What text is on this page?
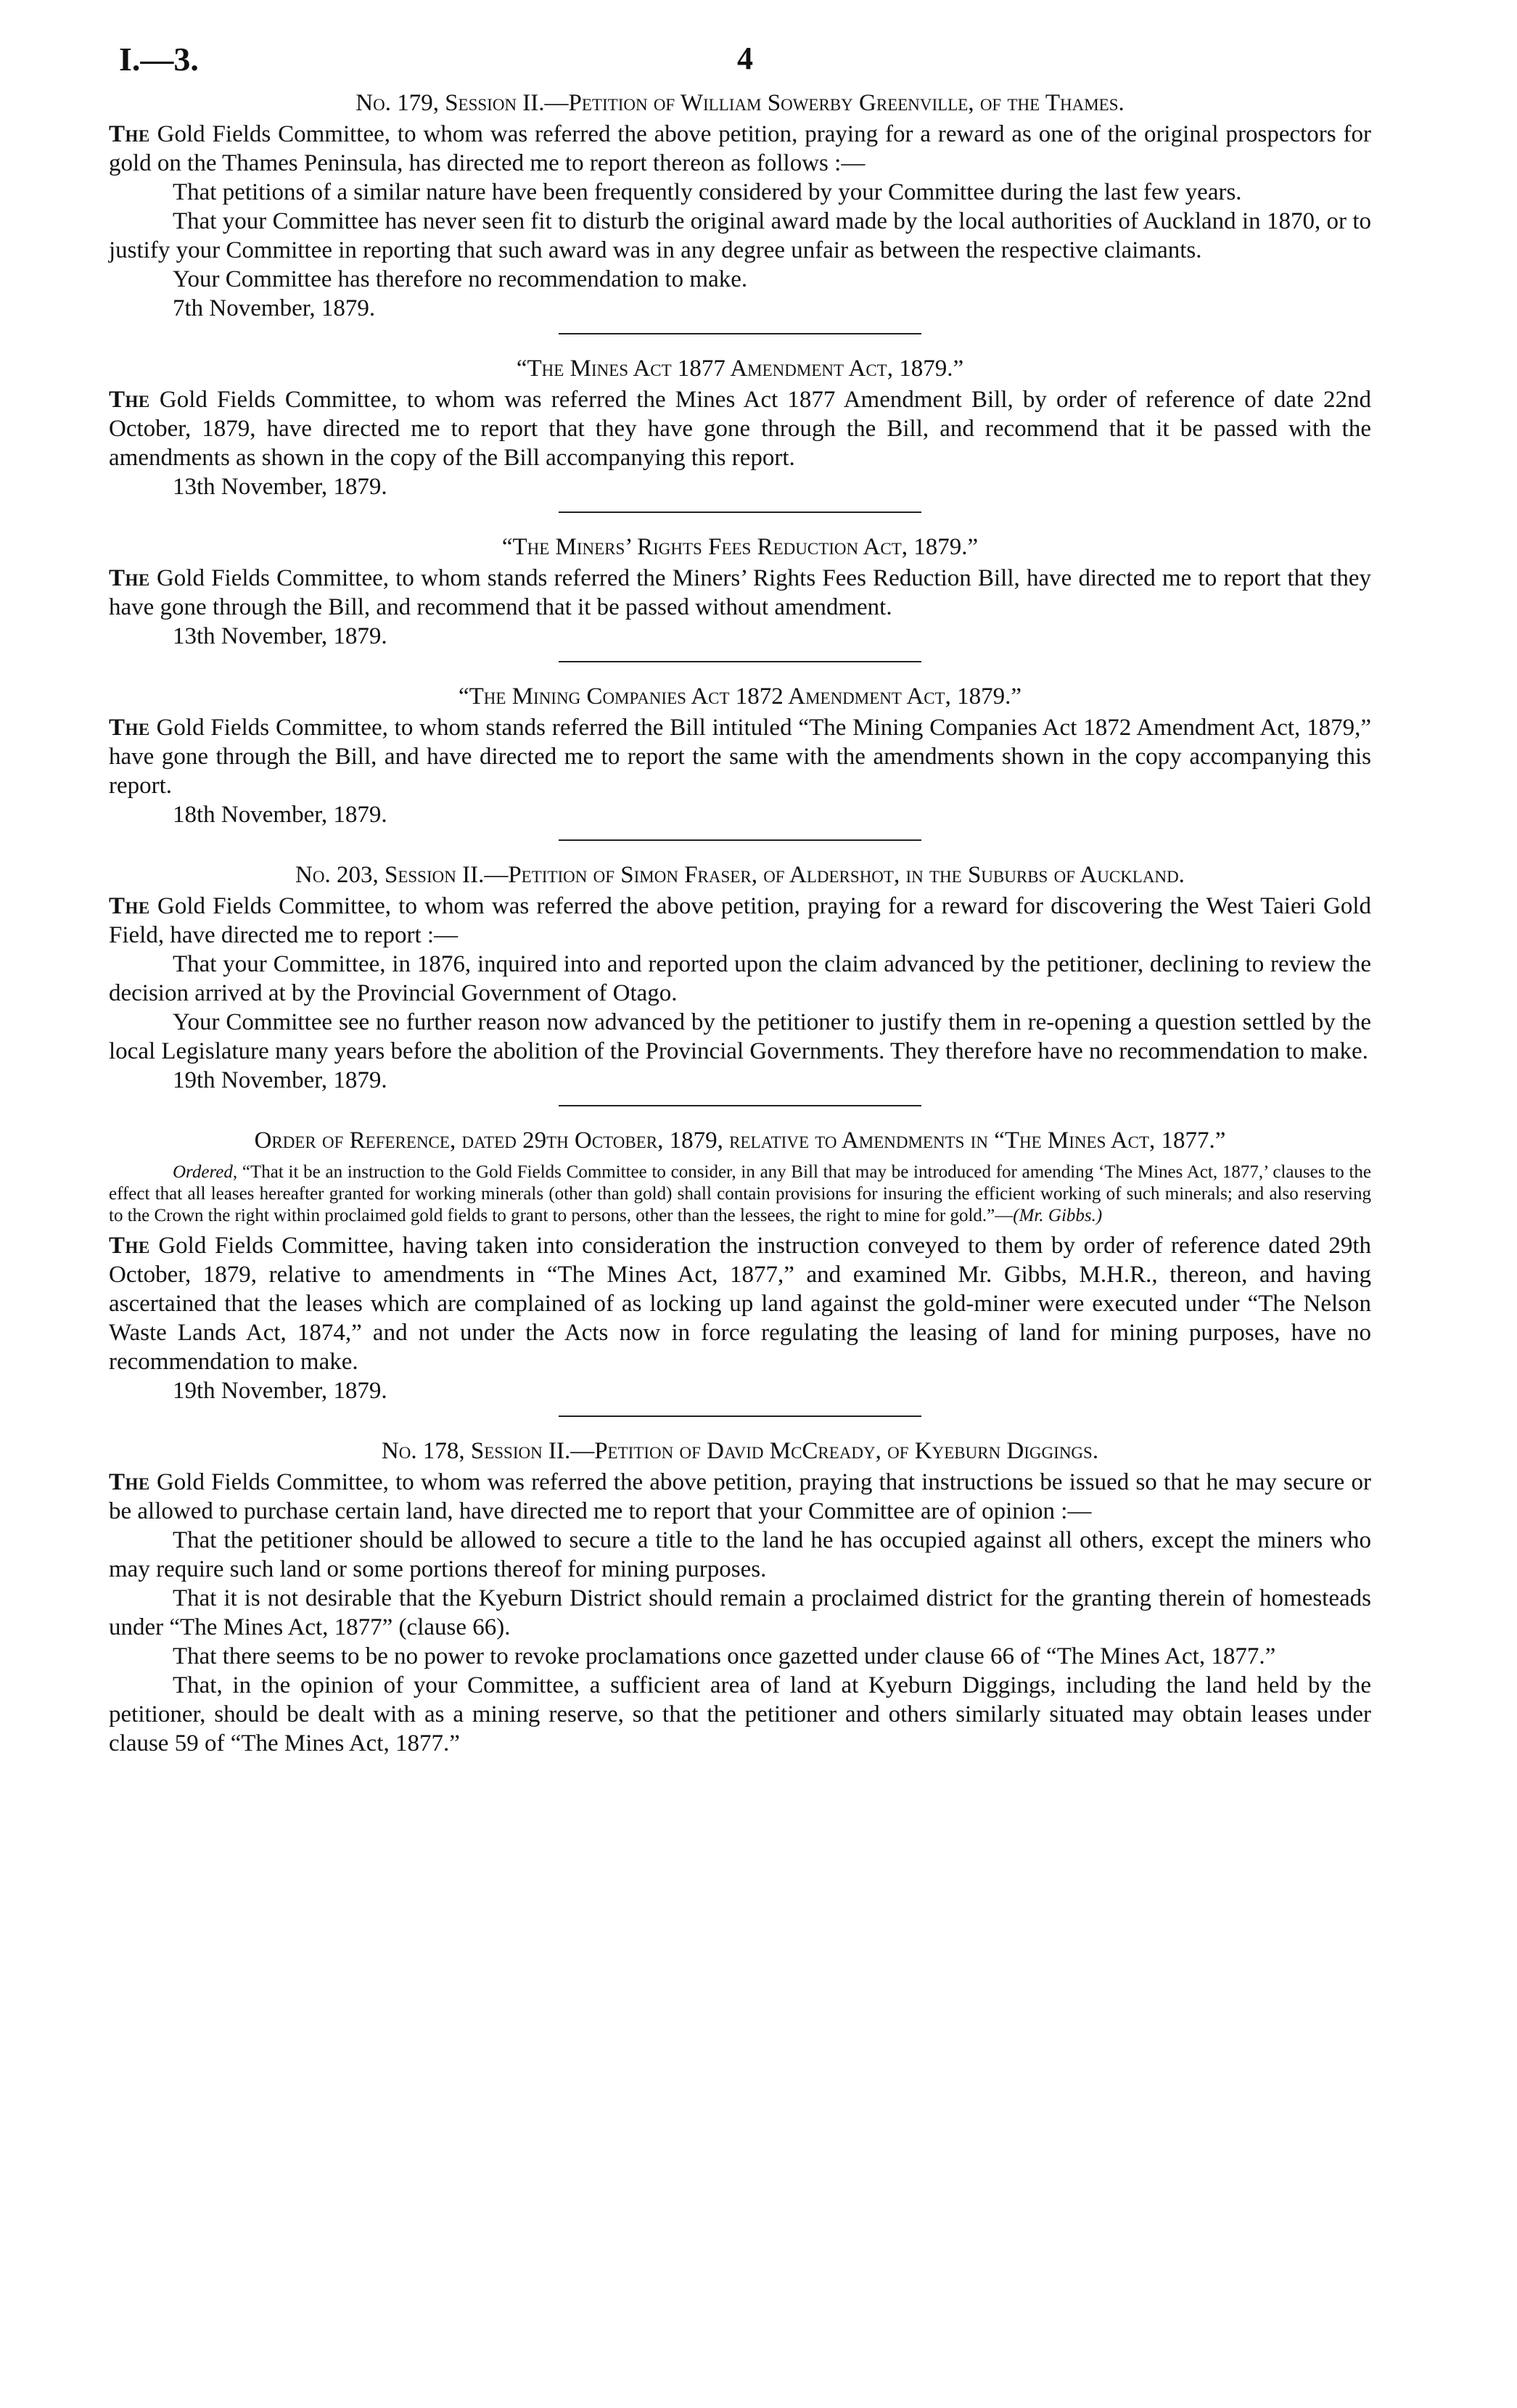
I.—3.	4
No. 179, Session II.—Petition of William Sowerby Greenville, of the Thames.

The Gold Fields Committee, to whom was referred the above petition, praying for a reward as one of the original prospectors for gold on the Thames Peninsula, has directed me to report thereon as follows :—

That petitions of a similar nature have been frequently considered by your Committee during the last few years.

That your Committee has never seen fit to disturb the original award made by the local authorities of Auckland in 1870, or to justify your Committee in reporting that such award was in any degree unfair as between the respective claimants.

Your Committee has therefore no recommendation to make.

7th November, 1879.
“The Mines Act 1877 Amendment Act, 1879.”

The Gold Fields Committee, to whom was referred the Mines Act 1877 Amendment Bill, by order of reference of date 22nd October, 1879, have directed me to report that they have gone through the Bill, and recommend that it be passed with the amendments as shown in the copy of the Bill accompanying this report.

13th November, 1879.
“The Miners’ Rights Fees Reduction Act, 1879.”

The Gold Fields Committee, to whom stands referred the Miners’ Rights Fees Reduction Bill, have directed me to report that they have gone through the Bill, and recommend that it be passed without amendment.

13th November, 1879.
“The Mining Companies Act 1872 Amendment Act, 1879.”

The Gold Fields Committee, to whom stands referred the Bill intituled “The Mining Companies Act 1872 Amendment Act, 1879,” have gone through the Bill, and have directed me to report the same with the amendments shown in the copy accompanying this report.

18th November, 1879.
No. 203, Session II.—Petition of Simon Fraser, of Aldershot, in the Suburbs of Auckland.

The Gold Fields Committee, to whom was referred the above petition, praying for a reward for discovering the West Taieri Gold Field, have directed me to report :—

That your Committee, in 1876, inquired into and reported upon the claim advanced by the petitioner, declining to review the decision arrived at by the Provincial Government of Otago.

Your Committee see no further reason now advanced by the petitioner to justify them in re-opening a question settled by the local Legislature many years before the abolition of the Provincial Governments. They therefore have no recommendation to make.

19th November, 1879.
Order of Reference, dated 29th October, 1879, relative to Amendments in “The Mines Act, 1877.”

Ordered, “That it be an instruction to the Gold Fields Committee to consider, in any Bill that may be introduced for amending ‘The Mines Act, 1877,’ clauses to the effect that all leases hereafter granted for working minerals (other than gold) shall contain provisions for insuring the efficient working of such minerals; and also reserving to the Crown the right within proclaimed gold fields to grant to persons, other than the lessees, the right to mine for gold.”—(Mr. Gibbs.)

The Gold Fields Committee, having taken into consideration the instruction conveyed to them by order of reference dated 29th October, 1879, relative to amendments in “The Mines Act, 1877,” and examined Mr. Gibbs, M.H.R., thereon, and having ascertained that the leases which are complained of as locking up land against the gold-miner were executed under “The Nelson Waste Lands Act, 1874,” and not under the Acts now in force regulating the leasing of land for mining purposes, have no recommendation to make.

19th November, 1879.
No. 178, Session II.—Petition of David McCready, of Kyeburn Diggings.

The Gold Fields Committee, to whom was referred the above petition, praying that instructions be issued so that he may secure or be allowed to purchase certain land, have directed me to report that your Committee are of opinion :—

That the petitioner should be allowed to secure a title to the land he has occupied against all others, except the miners who may require such land or some portions thereof for mining purposes.

That it is not desirable that the Kyeburn District should remain a proclaimed district for the granting therein of homesteads under “The Mines Act, 1877” (clause 66).

That there seems to be no power to revoke proclamations once gazetted under clause 66 of “The Mines Act, 1877.”

That, in the opinion of your Committee, a sufficient area of land at Kyeburn Diggings, including the land held by the petitioner, should be dealt with as a mining reserve, so that the petitioner and others similarly situated may obtain leases under clause 59 of “The Mines Act, 1877.”
